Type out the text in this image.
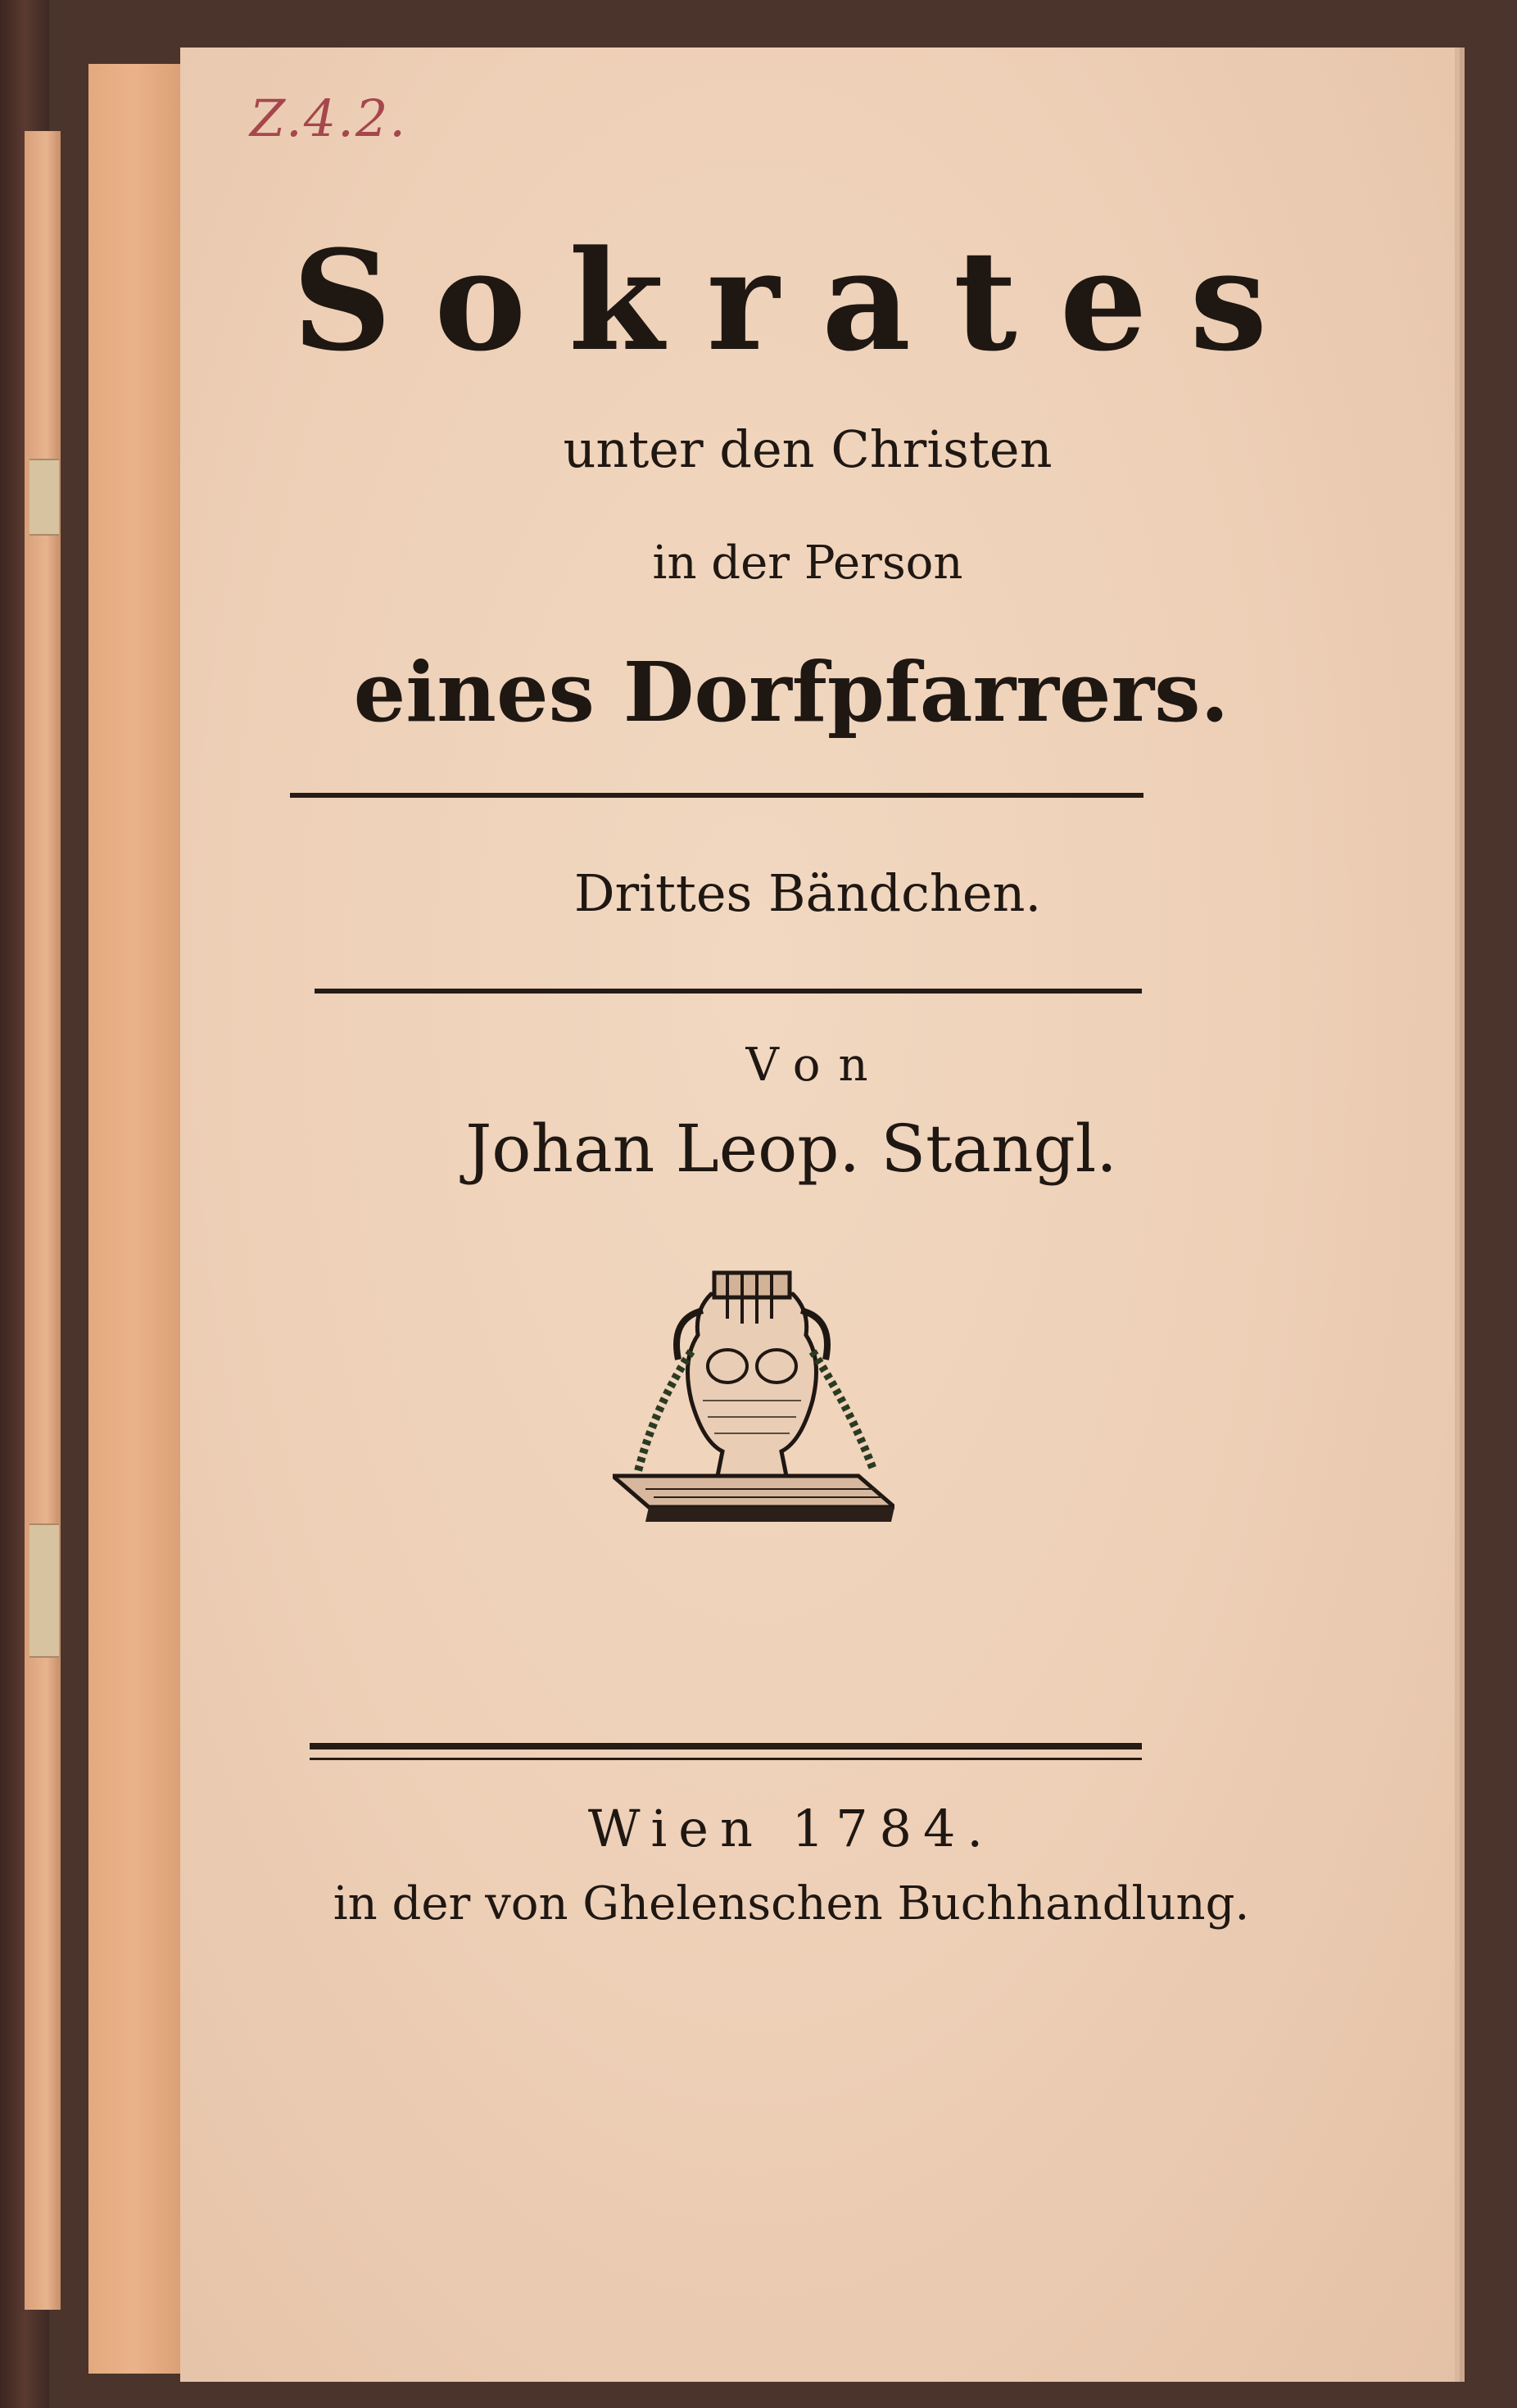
Z.4.2.
Sokrates
unter den Christen
in der Person
eines Dorfpfarrers.
Drittes Bändchen.
Von
Johan Leop. Stangl.
Wien 1784.
in der von Ghelenschen Buchhandlung.
